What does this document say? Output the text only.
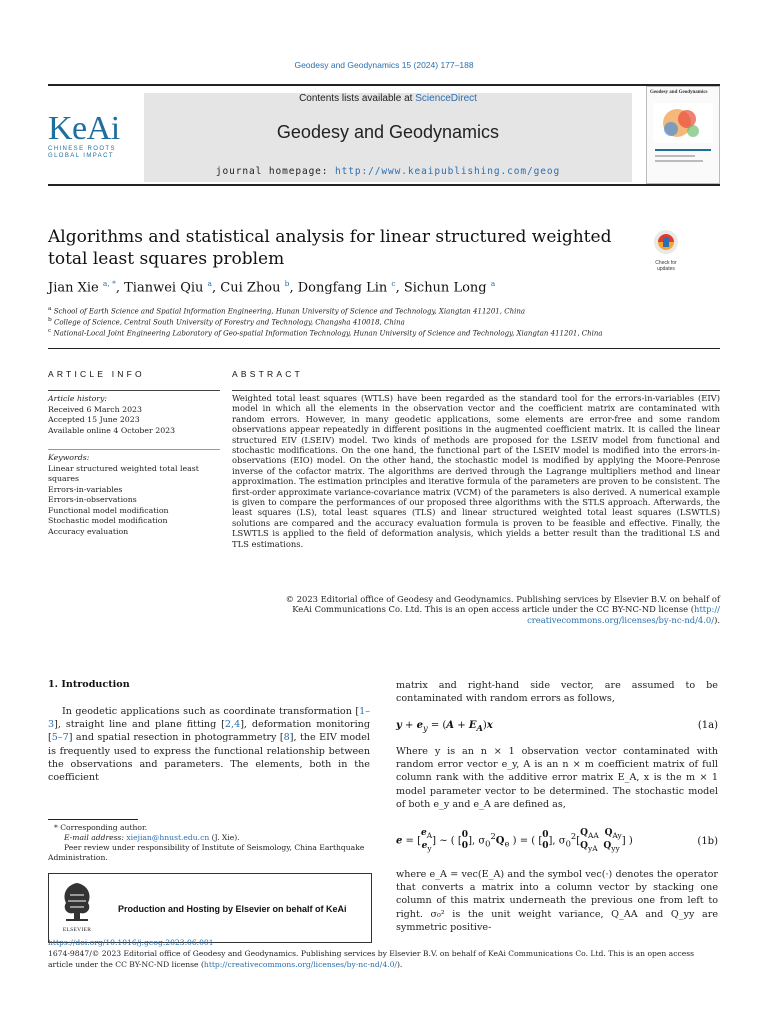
Geodesy and Geodynamics 15 (2024) 177–188
KeAi
CHINESE ROOTS
GLOBAL IMPACT
Contents lists available at ScienceDirect
Geodesy and Geodynamics
journal homepage: http://www.keaipublishing.com/geog
Geodesy and Geodynamics
Algorithms and statistical analysis for linear structured weighted total least squares problem	Check for
updates
Jian Xie $^{a, *}$, Tianwei Qiu $^a$, Cui Zhou $^b$, Dongfang Lin $^c$, Sichun Long $^a$
$^a$ School of Earth Science and Spatial Information Engineering, Hunan University of Science and Technology, Xiangtan 411201, China
$^b$ College of Science, Central South University of Forestry and Technology, Changsha 410018, China
$^c$ National-Local Joint Engineering Laboratory of Geo-spatial Information Technology, Hunan University of Science and Technology, Xiangtan 411201, China
ARTICLE INFO
Article history:
Received 6 March 2023
Accepted 15 June 2023
Available online 4 October 2023
Keywords:
Linear structured weighted total least
squares
Errors-in-variables
Errors-in-observations
Functional model modification
Stochastic model modification
Accuracy evaluation
ABSTRACT
Weighted total least squares (WTLS) have been regarded as the standard tool for the errors-in-variables (EIV) model in which all the elements in the observation vector and the coefficient matrix are contaminated with random errors. However, in many geodetic applications, some elements are error-free and some random observations appear repeatedly in different positions in the augmented coefficient matrix. It is called the linear structured EIV (LSEIV) model. Two kinds of methods are proposed for the LSEIV model from functional and stochastic modifications. On the one hand, the functional part of the LSEIV model is modified into the errors-in-observations (EIO) model. On the other hand, the stochastic model is modified by applying the Moore-Penrose inverse of the cofactor matrix. The algorithms are derived through the Lagrange multipliers method and linear approximation. The estimation principles and iterative formula of the parameters are proven to be consistent. The first-order approximate variance-covariance matrix (VCM) of the parameters is also derived. A numerical example is given to compare the performances of our proposed three algorithms with the STLS approach. Afterwards, the least squares (LS), total least squares (TLS) and linear structured weighted total least squares (LSWTLS) solutions are compared and the accuracy evaluation formula is proven to be feasible and effective. Finally, the LSWTLS is applied to the field of deformation analysis, which yields a better result than the traditional LS and TLS estimations.
© 2023 Editorial office of Geodesy and Geodynamics. Publishing services by Elsevier B.V. on behalf of
KeAi Communications Co. Ltd. This is an open access article under the CC BY-NC-ND license (http://
creativecommons.org/licenses/by-nc-nd/4.0/).
1. Introduction
In geodetic applications such as coordinate transformation [1–3], straight line and plane fitting [2,4], deformation monitoring [5–7] and spatial resection in photogrammetry [8], the EIV model is frequently used to express the functional relationship between the observations and parameters. The elements, both in the coefficient
* Corresponding author.
E-mail address: xiejian@hnust.edu.cn (J. Xie).
Peer review under responsibility of Institute of Seismology, China Earthquake Administration.
ELSEVIER
Production and Hosting by Elsevier on behalf of KeAi
matrix and right-hand side vector, are assumed to be contaminated with random errors as follows,
$y + e_y = (A + E_A)x$	(1a)
Where y is an n × 1 observation vector contaminated with random error vector e_y, A is an n × m coefficient matrix of full column rank with the additive error matrix E_A, x is the m × 1 model parameter vector to be determined. The stochastic model of both e_y and e_A are defined as,
$e = [e_A$
$e_y$] ∼ ( [0
0], $\sigma_0^2Q_e$ ) = ( [0
0], $\sigma_0^2[Q_{AA}$ $Q_{Ay}$
$Q_{yA}$ $Q_{yy}$] )	(1b)
where e_A = vec(E_A) and the symbol vec(·) denotes the operator that converts a matrix into a column vector by stacking one column of this matrix underneath the previous one from left to right. σ₀² is the unit weight variance, Q_AA and Q_yy are symmetric positive-
https://doi.org/10.1016/j.geog.2023.06.001
1674-9847/© 2023 Editorial office of Geodesy and Geodynamics. Publishing services by Elsevier B.V. on behalf of KeAi Communications Co. Ltd. This is an open access article under the CC BY-NC-ND license (http://creativecommons.org/licenses/by-nc-nd/4.0/).
